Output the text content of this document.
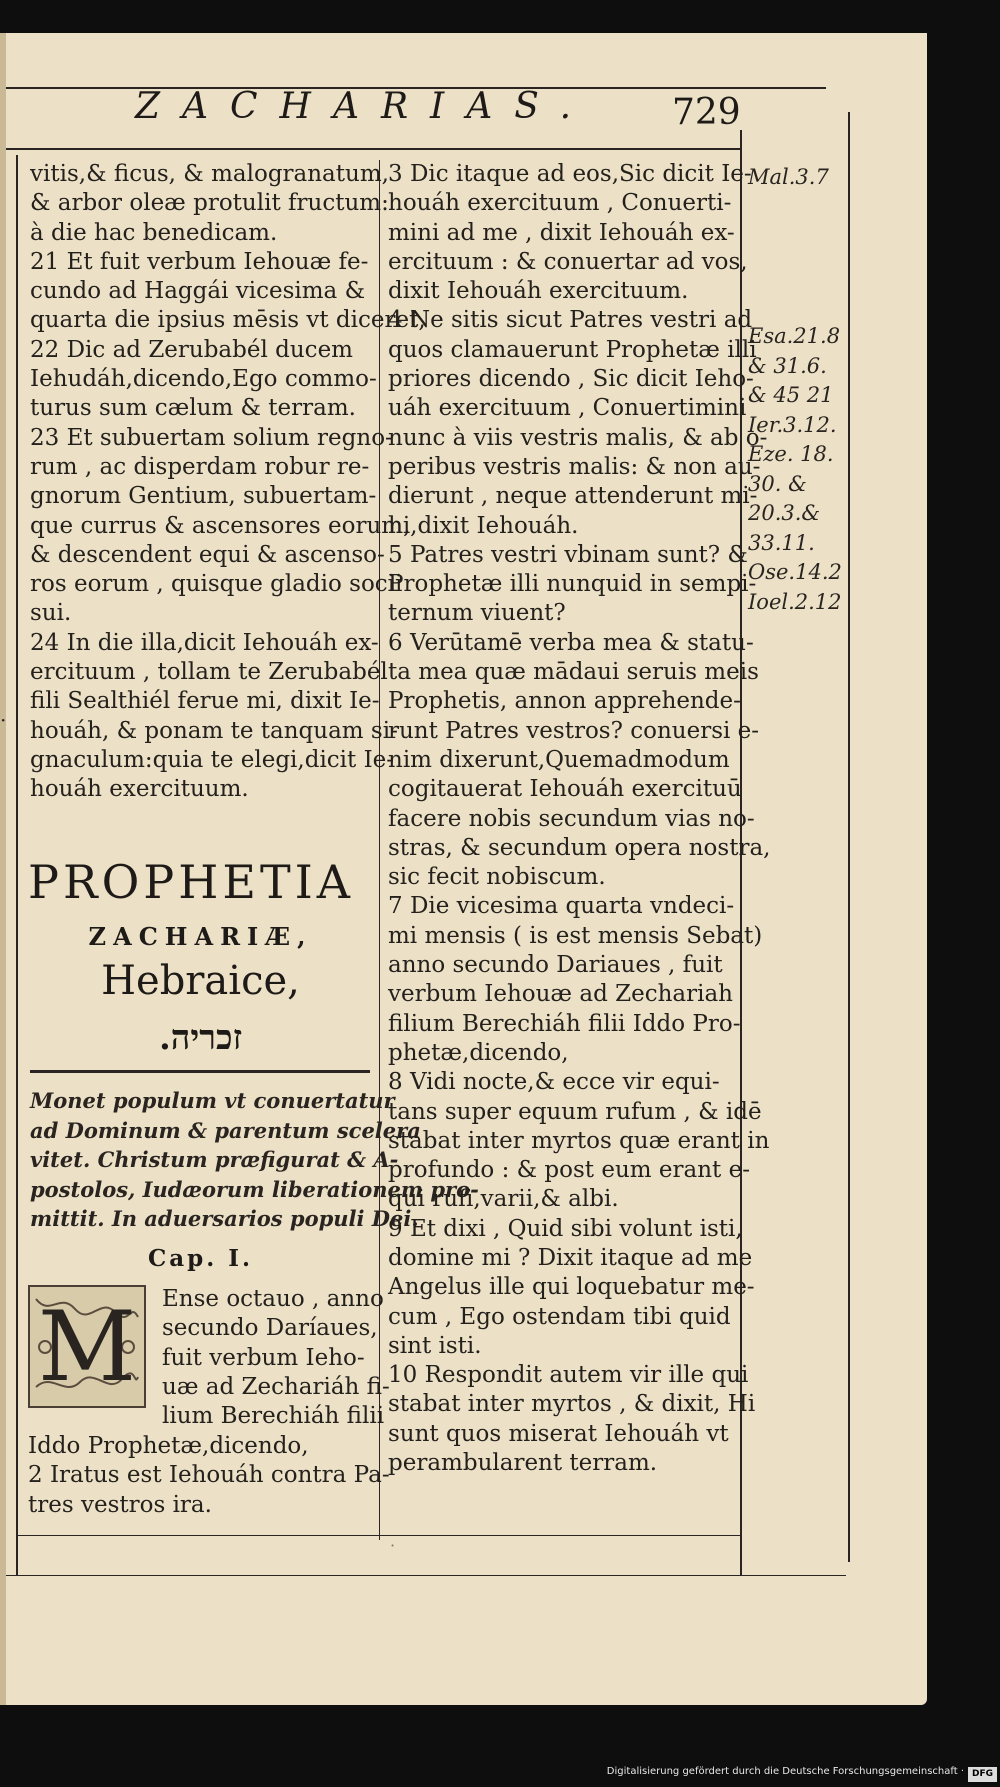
ZACHARIAS. 729
·
vitis,& ficus, & malogranatum,
& arbor oleæ protulit fructum:
à die hac benedicam.
21 Et fuit verbum Iehouæ fe-
cundo ad Haggái vicesima &
quarta die ipsius mēsis vt diceret,
22 Dic ad Zerubabél ducem
Iehudáh,dicendo,Ego commo-
turus sum cælum & terram.
23 Et subuertam solium regno-
rum , ac disperdam robur re-
gnorum Gentium, subuertam-
que currus & ascensores eorum,
& descendent equi & ascenso-
ros eorum , quisque gladio socii
sui.
24 In die illa,dicit Iehouáh ex-
ercituum , tollam te Zerubabél
fili Sealthiél ferue mi, dixit Ie-
houáh, & ponam te tanquam si-
gnaculum:quia te elegi,dicit Ie-
houáh exercituum.
PROPHETIA
ZACHARIÆ,
Hebraice,
זכריה.
Monet populum vt conuertatur
ad Dominum & parentum scelera
vitet. Christum præfigurat & A-
postolos, Iudæorum liberationem pro-
mittit. In aduersarios populi Dei.
Cap. I.
M	Ense octauo , anno
secundo Daríaues,
fuit verbum Ieho-
uæ ad Zechariáh fi-
lium Berechiáh filii
Iddo Prophetæ,dicendo,
2 Iratus est Iehouáh contra Pa-
tres vestros ira.
3 Dic itaque ad eos,Sic dicit Ie-
houáh exercituum , Conuerti-
mini ad me , dixit Iehouáh ex-
ercituum : & conuertar ad vos,
dixit Iehouáh exercituum.
4 Ne sitis sicut Patres vestri ad
quos clamauerunt Prophetæ illi
priores dicendo , Sic dicit Ieho-
uáh exercituum , Conuertimini
nunc à viis vestris malis, & ab o-
peribus vestris malis: & non au-
dierunt , neque attenderunt mi-
hi,dixit Iehouáh.
5 Patres vestri vbinam sunt? &
Prophetæ illi nunquid in sempi-
ternum viuent?
6 Verūtamē verba mea & statu-
ta mea quæ mādaui seruis meis
Prophetis, annon apprehende-
runt Patres vestros? conuersi e-
nim dixerunt,Quemadmodum
cogitauerat Iehouáh exercituū
facere nobis secundum vias no-
stras, & secundum opera nostra,
sic fecit nobiscum.
7 Die vicesima quarta vndeci-
mi mensis ( is est mensis Sebat)
anno secundo Dariaues , fuit
verbum Iehouæ ad Zechariah
filium Berechiáh filii Iddo Pro-
phetæ,dicendo,
8 Vidi nocte,& ecce vir equi-
tans super equum rufum , & idē
stabat inter myrtos quæ erant in
profundo : & post eum erant e-
qui rufi,varii,& albi.
9 Et dixi , Quid sibi volunt isti,
domine mi ? Dixit itaque ad me
Angelus ille qui loquebatur me-
cum , Ego ostendam tibi quid
sint isti.
10 Respondit autem vir ille qui
stabat inter myrtos , & dixit, Hi
sunt quos miserat Iehouáh vt
perambularent terram.
Mal.3.7
Esa.21.8
& 31.6.
& 45 21
Ier.3.12.
Eze. 18.
30. &
20.3.&
33.11.
Ose.14.2
Ioel.2.12
·
Digitalisierung gefördert durch die Deutsche Forschungsgemeinschaft · DFG
